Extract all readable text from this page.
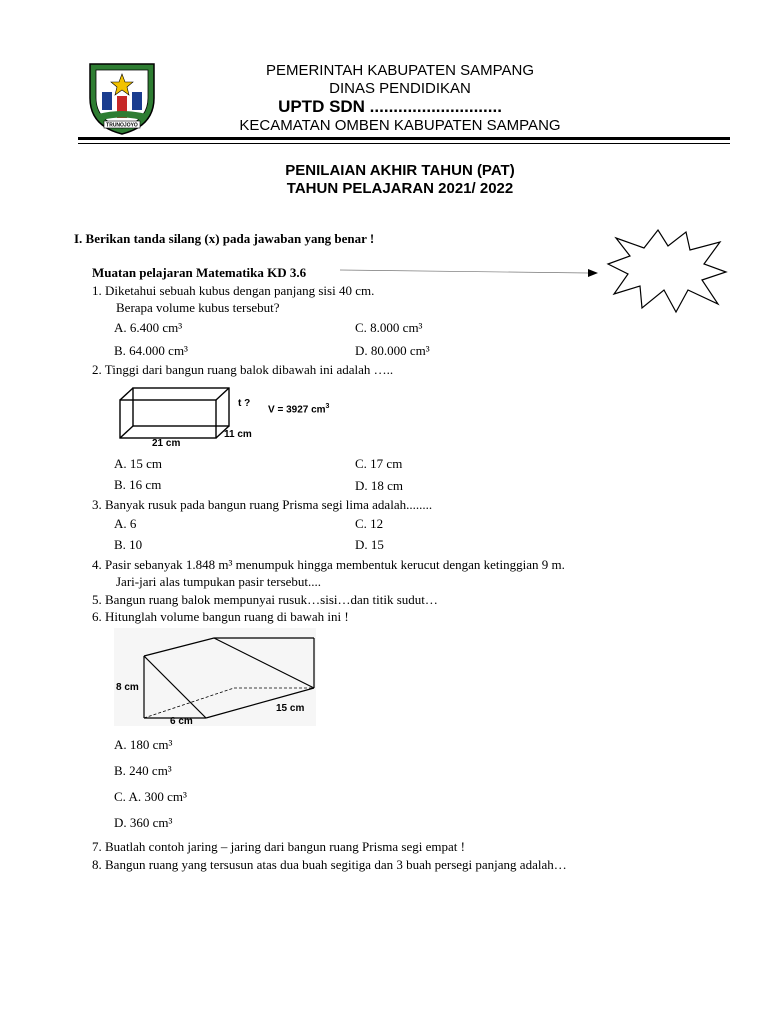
TRUNOJOYO
PEMERINTAH KABUPATEN SAMPANG
DINAS PENDIDIKAN
UPTD SDN ............................
KECAMATAN OMBEN KABUPATEN SAMPANG
PENILAIAN AKHIR TAHUN (PAT)
TAHUN PELAJARAN 2021/ 2022
I. Berikan tanda silang (x) pada jawaban yang benar !
Muatan pelajaran Matematika KD 3.6
1. Diketahui sebuah kubus dengan panjang sisi 40 cm.
Berapa volume kubus tersebut?
A. 6.400 cm³	C. 8.000 cm³
B. 64.000 cm³	D. 80.000 cm³
2. Tinggi dari bangun ruang balok dibawah ini adalah …..
t ?
V = 3927 $cm^3$
11 cm
21 cm
A. 15 cm	C. 17 cm
B. 16 cm	D. 18 cm
3. Banyak rusuk pada bangun ruang Prisma segi lima adalah........
A. 6	C. 12
B. 10	D. 15
4. Pasir sebanyak 1.848 m³ menumpuk hingga membentuk kerucut dengan ketinggian 9 m.
Jari-jari alas tumpukan pasir tersebut....
5. Bangun ruang balok mempunyai rusuk…sisi…dan titik sudut…
6. Hitunglah volume bangun ruang di bawah ini !
8 cm
6 cm
15 cm
A. 180 cm³
B. 240 cm³
C. A. 300 cm³
D. 360 cm³
7. Buatlah contoh jaring – jaring dari bangun ruang Prisma segi empat !
8. Bangun ruang yang tersusun atas dua buah segitiga dan 3 buah persegi panjang adalah…
